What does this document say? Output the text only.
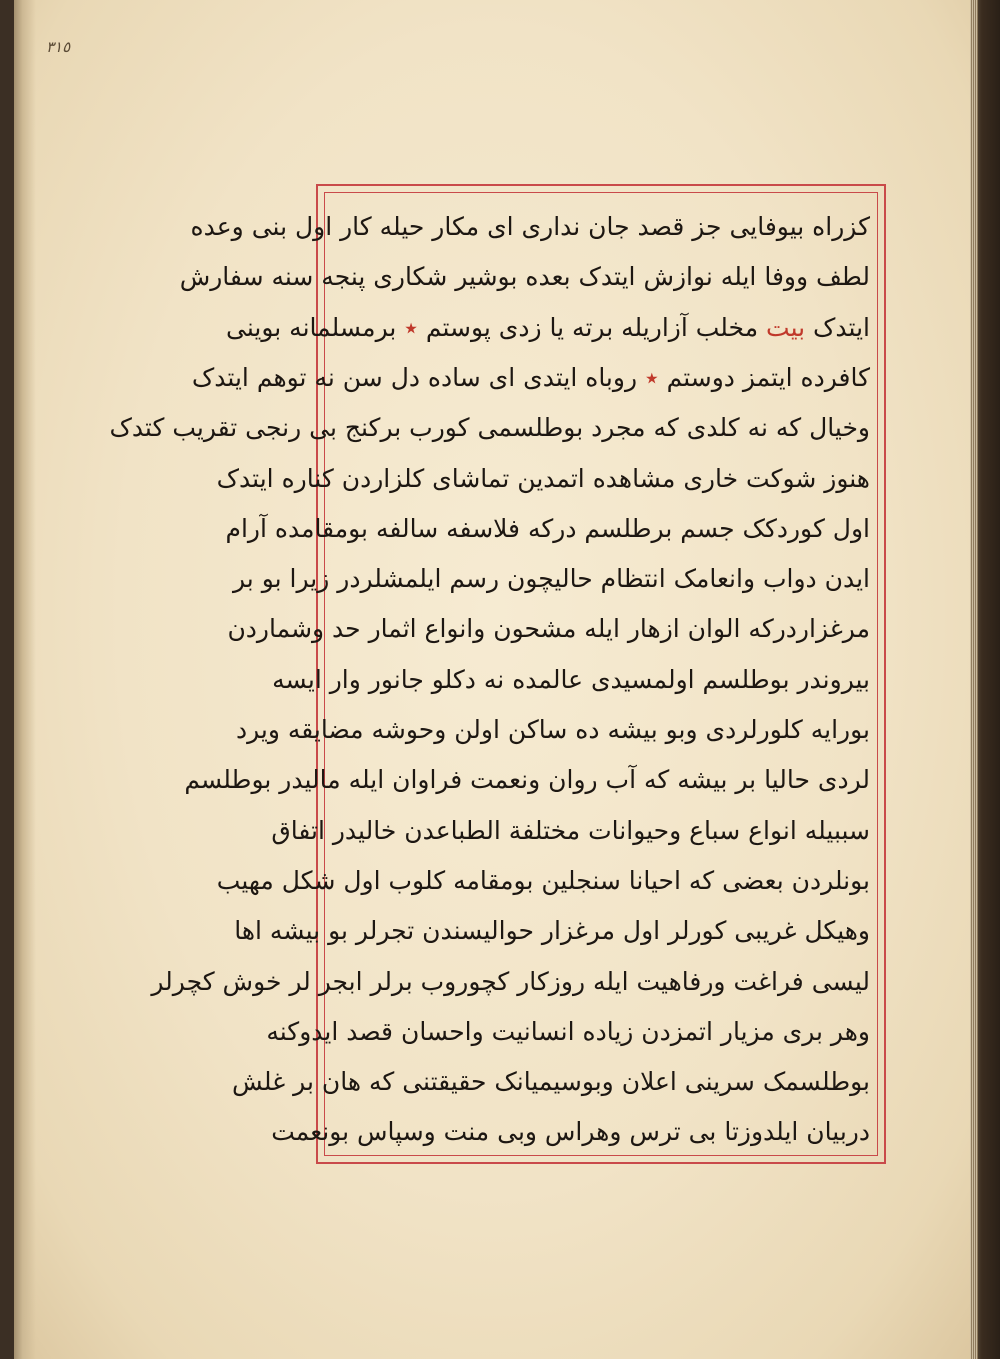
٣١٥
کزراه بیوفایی جز قصد جان نداری ای مکار حیله کار اول بنی وعده
لطف ووفا ایله نوازش ایتدک بعده بوشیر شکاری پنجه سنه سفارش
ایتدک بیت مخلب آزاریله برته یا زدی پوستم ٭ برمسلمانه بوینی
کافرده ایتمز دوستم ٭ روباه ایتدی ای ساده دل سن نه توهم ایتدک
وخیال که نه کلدی که مجرد بوطلسمی کورب برکنج بی رنجی تقریب کتدک
هنوز شوکت خاری مشاهده اتمدین تماشای کلزاردن کناره ایتدک
اول کوردکک جسم برطلسم درکه فلاسفه سالفه بومقامده آرام
ایدن دواب وانعامک انتظام حالیچون رسم ایلمشلردر زیرا بو بر
مرغزاردرکه الوان ازهار ایله مشحون وانواع اثمار حد وشماردن
بیروندر بوطلسم اولمسیدی عالمده نه دکلو جانور وار ایسه
بورایه کلورلردی وبو بیشه ده ساکن اولن وحوشه مضایقه ویرد
لردی حالیا بر بیشه که آب روان ونعمت فراوان ایله مالیدر بوطلسم
سببیله انواع سباع وحیوانات مختلفة الطباعدن خالیدر اتفاق
بونلردن بعضی که احیانا سنجلین بومقامه کلوب اول شکل مهیب
وهیکل غریبی کورلر اول مرغزار حوالیسندن تجرلر بو بیشه اها
لیسی فراغت ورفاهیت ایله روزکار کچوروب برلر ابجر لر خوش کچرلر
وهر بری مزیار اتمزدن زیاده انسانیت واحسان قصد ایدوکنه
بوطلسمک سرینی اعلان وبوسیمیانک حقیقتنی که هان بر غلش
دربیان ایلدوزتا بی ترس وهراس وبی منت وسپاس بونعمت
